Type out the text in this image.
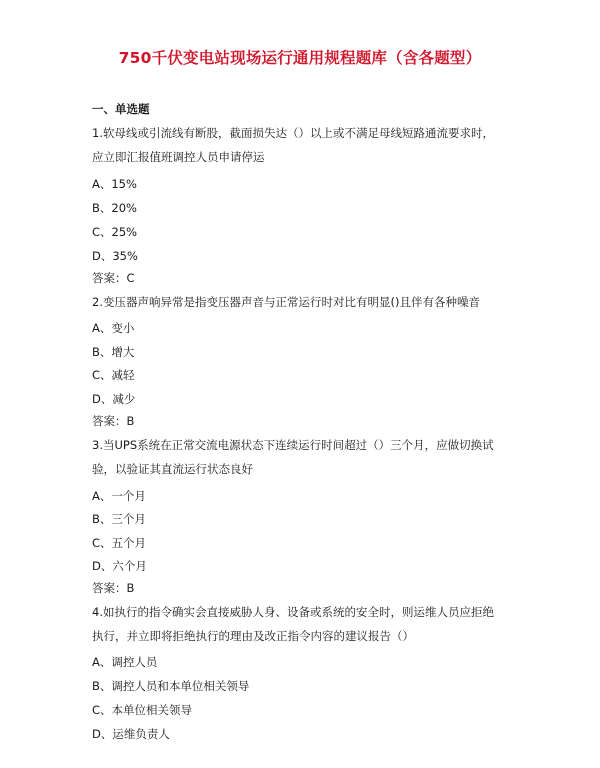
750千伏变电站现场运行通用规程题库（含各题型）
一、单选题
1.软母线或引流线有断股，截面损失达（）以上或不满足母线短路通流要求时，
应立即汇报值班调控人员申请停运
A、15%
B、20%
C、25%
D、35%
答案：C
2.变压器声响异常是指变压器声音与正常运行时对比有明显()且伴有各种噪音
A、变小
B、增大
C、减轻
D、减少
答案：B
3.当UPS系统在正常交流电源状态下连续运行时间超过（）三个月，应做切换试
验，以验证其直流运行状态良好
A、一个月
B、三个月
C、五个月
D、六个月
答案：B
4.如执行的指令确实会直接威胁人身、设备或系统的安全时，则运维人员应拒绝
执行，并立即将拒绝执行的理由及改正指令内容的建议报告（）
A、调控人员
B、调控人员和本单位相关领导
C、本单位相关领导
D、运维负责人
